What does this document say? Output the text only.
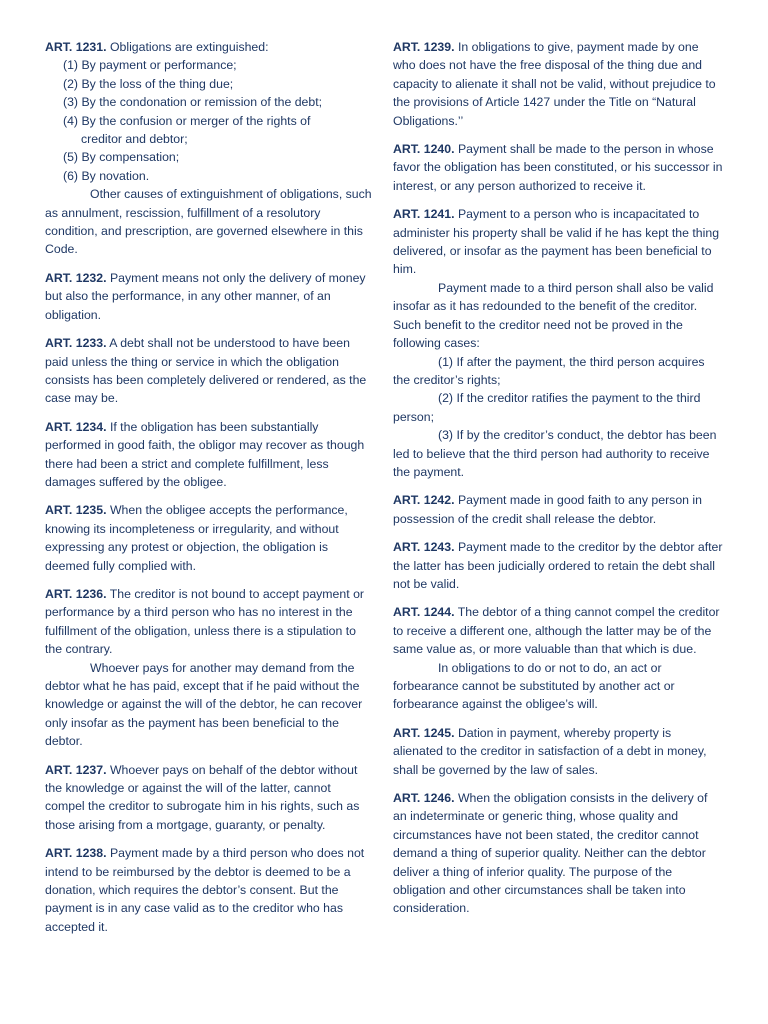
ART. 1231. Obligations are extinguished:

(1) By payment or performance;

(2) By the loss of the thing due;

(3) By the condonation or remission of the debt;

(4) By the confusion or merger of the rights of

creditor and debtor;

(5) By compensation;

(6) By novation.

Other causes of extinguishment of obligations, such as annulment, rescission, fulfillment of a resolutory condition, and prescription, are governed elsewhere in this Code.

ART. 1232. Payment means not only the delivery of money but also the performance, in any other manner, of an obligation.

ART. 1233. A debt shall not be understood to have been paid unless the thing or service in which the obligation consists has been completely delivered or rendered, as the case may be.

ART. 1234. If the obligation has been substantially performed in good faith, the obligor may recover as though there had been a strict and complete fulfillment, less damages suffered by the obligee.

ART. 1235. When the obligee accepts the performance, knowing its incompleteness or irregularity, and without expressing any protest or objection, the obligation is deemed fully complied with.

ART. 1236. The creditor is not bound to accept payment or performance by a third person who has no interest in the fulfillment of the obligation, unless there is a stipulation to the contrary.

Whoever pays for another may demand from the debtor what he has paid, except that if he paid without the knowledge or against the will of the debtor, he can recover only insofar as the payment has been beneficial to the debtor.

ART. 1237. Whoever pays on behalf of the debtor without the knowledge or against the will of the latter, cannot compel the creditor to subrogate him in his rights, such as those arising from a mortgage, guaranty, or penalty.

ART. 1238. Payment made by a third person who does not intend to be reimbursed by the debtor is deemed to be a donation, which requires the debtor’s consent. But the payment is in any case valid as to the creditor who has accepted it.

ART. 1239. In obligations to give, payment made by one who does not have the free disposal of the thing due and capacity to alienate it shall not be valid, without prejudice to the provisions of Article 1427 under the Title on “Natural Obligations.’’

ART. 1240. Payment shall be made to the person in whose favor the obligation has been constituted, or his successor in interest, or any person authorized to receive it.

ART. 1241. Payment to a person who is incapacitated to administer his property shall be valid if he has kept the thing delivered, or insofar as the payment has been beneficial to him.

Payment made to a third person shall also be valid insofar as it has redounded to the benefit of the creditor. Such benefit to the creditor need not be proved in the following cases:

(1) If after the payment, the third person acquires the creditor’s rights;

(2) If the creditor ratifies the payment to the third person;

(3) If by the creditor’s conduct, the debtor has been led to believe that the third person had authority to receive the payment.

ART. 1242. Payment made in good faith to any person in possession of the credit shall release the debtor.

ART. 1243. Payment made to the creditor by the debtor after the latter has been judicially ordered to retain the debt shall not be valid.

ART. 1244. The debtor of a thing cannot compel the creditor to receive a different one, although the latter may be of the same value as, or more valuable than that which is due.

In obligations to do or not to do, an act or forbearance cannot be substituted by another act or forbearance against the obligee’s will.

ART. 1245. Dation in payment, whereby property is alienated to the creditor in satisfaction of a debt in money, shall be governed by the law of sales.

ART. 1246. When the obligation consists in the delivery of an indeterminate or generic thing, whose quality and circumstances have not been stated, the creditor cannot demand a thing of superior quality. Neither can the debtor deliver a thing of inferior quality. The purpose of the obligation and other circumstances shall be taken into consideration.
